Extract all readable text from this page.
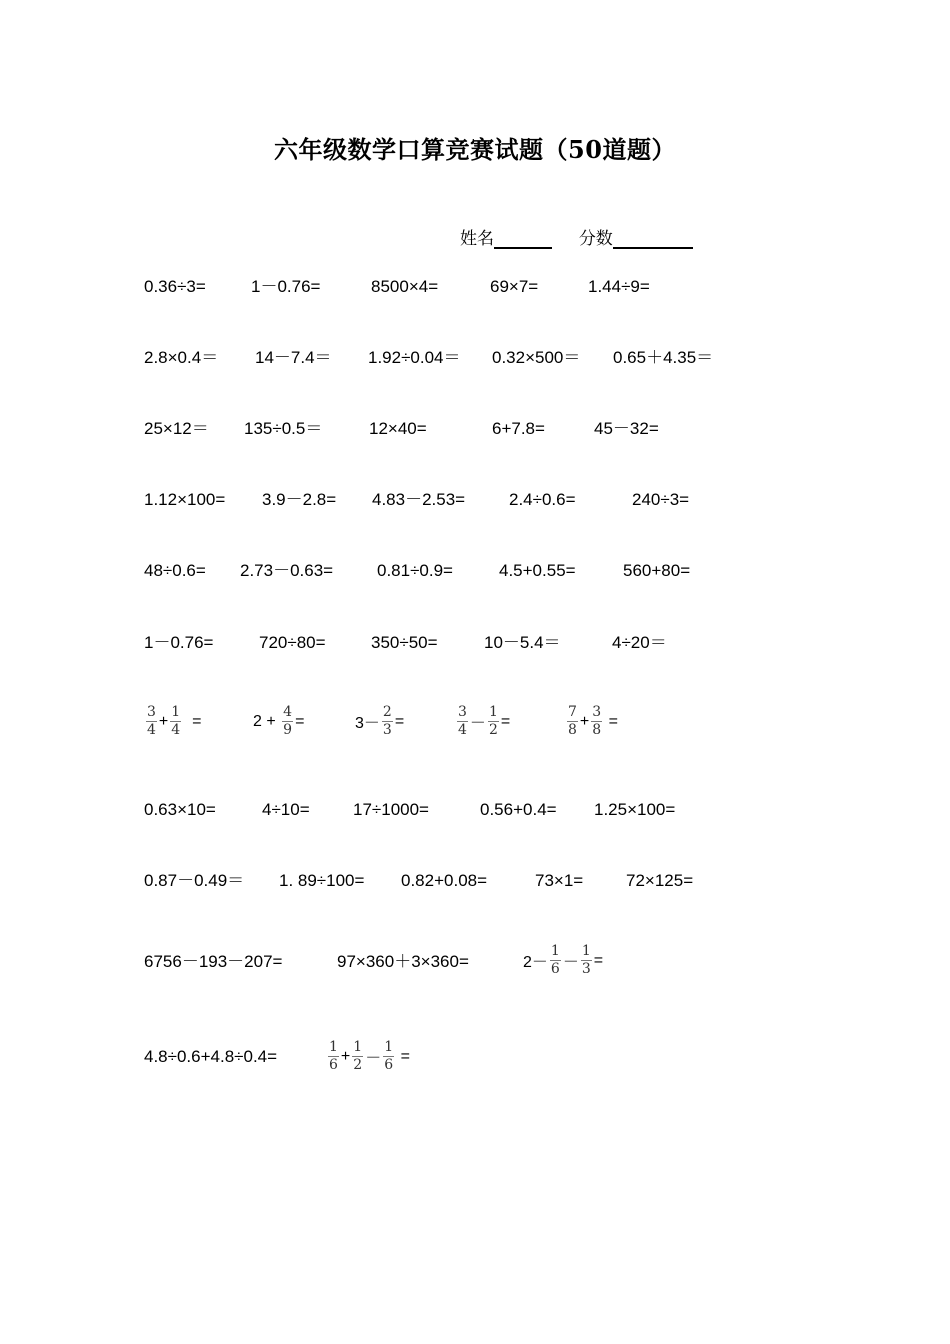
六年级数学口算竞赛试题（50道题）
姓名	分数
0.36÷3=	1－0.76=	8500×4=	69×7=	1.44÷9=
2.8×0.4＝ 14－7.4＝ 1.92÷0.04＝ 0.32×500＝ 0.65＋4.35＝
25×12＝ 135÷0.5＝	12×40=	6+7.8=	45－32=
1.12×100= 3.9－2.8= 4.83－2.53=	2.4÷0.6=	240÷3=
48÷0.6= 2.73－0.63=	0.81÷0.9=	4.5+0.55=	560+80=
1－0.76=	720÷80=	350÷50=	10－5.4＝	4÷20＝
$\frac{3}{4} + \frac{1}{4}$ =	$2 + \frac{4}{9}$ =	$3- \frac{2}{3}$ =	$\frac{3}{4} - \frac{1}{2}$ =	$\frac{7}{8} + \frac{3}{8}$ =
0.63×10=	4÷10=	17÷1000=	0.56+0.4= 1.25×100=
0.87－0.49＝ 1. 89÷100= 0.82+0.08=	73×1=	72×125=
6756－193－207=	97×360＋3×360=	$2- \frac{1}{6} - \frac{1}{3}$ =
4.8÷0.6+4.8÷0.4=	$\frac{1}{6} + \frac{1}{2} - \frac{1}{6}$ =
